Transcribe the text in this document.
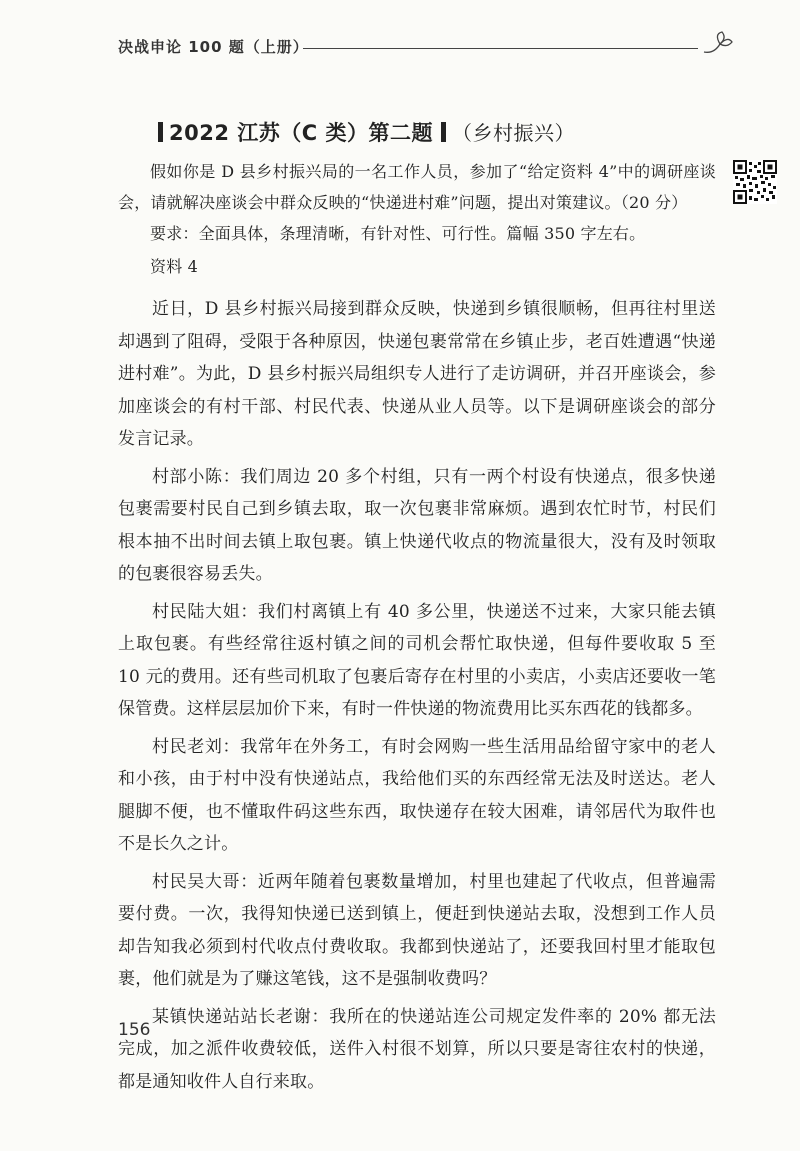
决战申论 100 题（上册）
2022 江苏（C 类）第二题 （乡村振兴）

假如你是 D 县乡村振兴局的一名工作人员，参加了“给定资料 4”中的调研座谈会，请就解决座谈会中群众反映的“快递进村难”问题，提出对策建议。（20 分）

要求：全面具体，条理清晰，有针对性、可行性。篇幅 350 字左右。

资料 4

近日，D 县乡村振兴局接到群众反映，快递到乡镇很顺畅，但再往村里送却遇到了阻碍，受限于各种原因，快递包裹常常在乡镇止步，老百姓遭遇“快递进村难”。为此，D 县乡村振兴局组织专人进行了走访调研，并召开座谈会，参加座谈会的有村干部、村民代表、快递从业人员等。以下是调研座谈会的部分发言记录。

村部小陈：我们周边 20 多个村组，只有一两个村设有快递点，很多快递包裹需要村民自己到乡镇去取，取一次包裹非常麻烦。遇到农忙时节，村民们根本抽不出时间去镇上取包裹。镇上快递代收点的物流量很大，没有及时领取的包裹很容易丢失。

村民陆大姐：我们村离镇上有 40 多公里，快递送不过来，大家只能去镇上取包裹。有些经常往返村镇之间的司机会帮忙取快递，但每件要收取 5 至 10 元的费用。还有些司机取了包裹后寄存在村里的小卖店，小卖店还要收一笔保管费。这样层层加价下来，有时一件快递的物流费用比买东西花的钱都多。

村民老刘：我常年在外务工，有时会网购一些生活用品给留守家中的老人和小孩，由于村中没有快递站点，我给他们买的东西经常无法及时送达。老人腿脚不便，也不懂取件码这些东西，取快递存在较大困难，请邻居代为取件也不是长久之计。

村民吴大哥：近两年随着包裹数量增加，村里也建起了代收点，但普遍需要付费。一次，我得知快递已送到镇上，便赶到快递站去取，没想到工作人员却告知我必须到村代收点付费收取。我都到快递站了，还要我回村里才能取包裹，他们就是为了赚这笔钱，这不是强制收费吗？

某镇快递站站长老谢：我所在的快递站连公司规定发件率的 20% 都无法完成，加之派件收费较低，送件入村很不划算，所以只要是寄往农村的快递，都是通知收件人自行来取。

156
